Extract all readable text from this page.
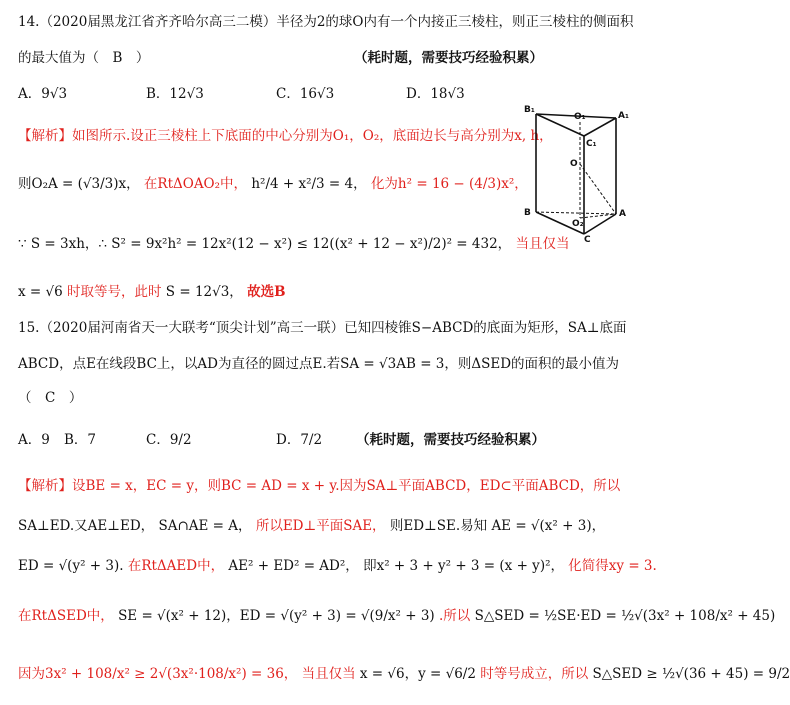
14.（2020届黑龙江省齐齐哈尔高三二模）半径为2的球O内有一个内接正三棱柱，则正三棱柱的侧面积
的最大值为（　B　）	（耗时题，需要技巧经验积累）
A．9√3	B．12√3	C．16√3	D．18√3
【解析】如图所示.设正三棱柱上下底面的中心分别为O₁，O₂，底面边长与高分别为x, h，
则O₂A = (√3/3)x， 在RtΔOAO₂中， h²/4 + x²/3 = 4， 化为h² = 16 − (4/3)x²，
∵ S = 3xh，∴ S² = 9x²h² = 12x²(12 − x²) ≤ 12((x² + 12 − x²)/2)² = 432， 当且仅当
x = √6 时取等号，此时 S = 12√3， 故选B
B₁
O₁	A₁
C₁
O
B
O₂
A
C
15.（2020届河南省天一大联考“顶尖计划”高三一联）已知四棱锥S−ABCD的底面为矩形，SA⊥底面
ABCD，点E在线段BC上，以AD为直径的圆过点E.若SA = √3AB = 3，则ΔSED的面积的最小值为
（　C　）
A．9 B．7	C．9/2	D．7/2	（耗时题，需要技巧经验积累）
【解析】设BE = x，EC = y，则BC = AD = x + y.因为SA⊥平面ABCD，ED⊂平面ABCD，所以
SA⊥ED.又AE⊥ED， SA∩AE = A， 所以ED⊥平面SAE， 则ED⊥SE.易知 AE = √(x² + 3)，
ED = √(y² + 3). 在RtΔAED中， AE² + ED² = AD²， 即x² + 3 + y² + 3 = (x + y)²， 化简得xy = 3.
在RtΔSED中， SE = √(x² + 12)，ED = √(y² + 3) = √(9/x² + 3) .所以 S△SED = ½SE·ED = ½√(3x² + 108/x² + 45)
因为3x² + 108/x² ≥ 2√(3x²·108/x²) = 36， 当且仅当 x = √6，y = √6/2 时等号成立，所以 S△SED ≥ ½√(36 + 45) = 9/2
